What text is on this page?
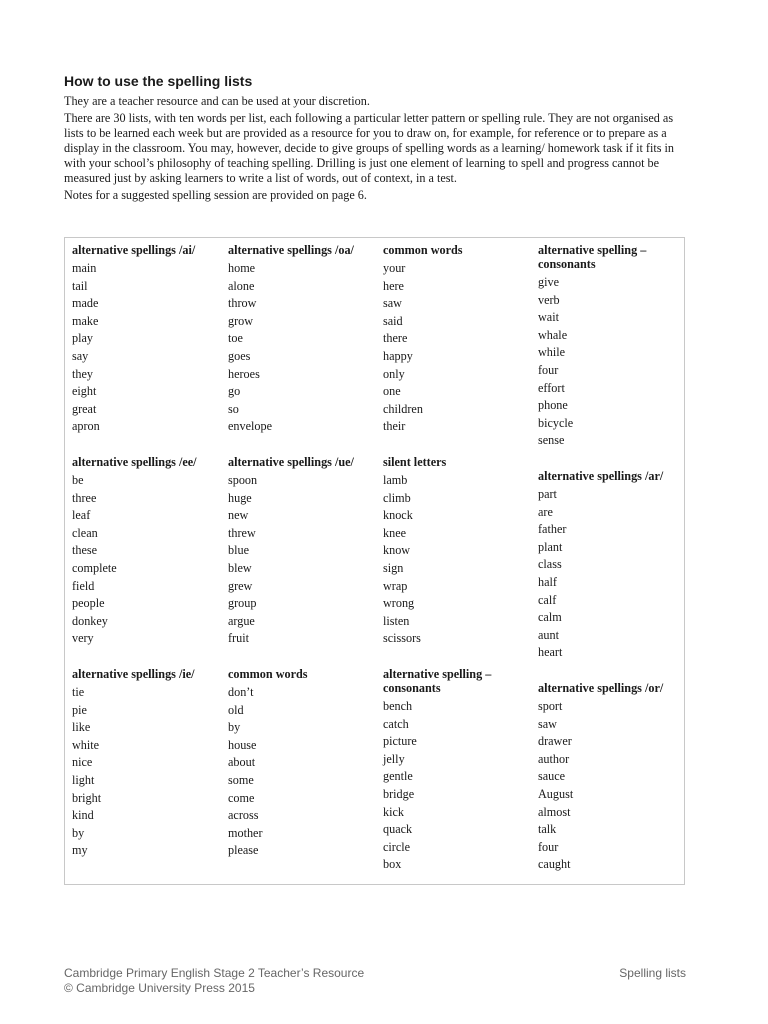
How to use the spelling lists

They are a teacher resource and can be used at your discretion.

There are 30 lists, with ten words per list, each following a particular letter pattern or spelling rule. They are not organised as lists to be learned each week but are provided as a resource for you to draw on, for example, for reference or to prepare as a display in the classroom. You may, however, decide to give groups of spelling words as a learning/ homework task if it fits in with your school’s philosophy of teaching spelling. Drilling is just one element of learning to spell and progress cannot be measured just by asking learners to write a list of words, out of context, in a test.

Notes for a suggested spelling session are provided on page 6.

alternative spellings /ai/
main
tail
made
make
play
say
they
eight
great
apron
alternative spellings /oa/
home
alone
throw
grow
toe
goes
heroes
go
so
envelope
common words
your
here
saw
said
there
happy
only
one
children
their
alternative spelling – consonants
give
verb
wait
whale
while
four
effort
phone
bicycle
sense
alternative spellings /ee/
be
three
leaf
clean
these
complete
field
people
donkey
very
alternative spellings /ue/
spoon
huge
new
threw
blue
blew
grew
group
argue
fruit
silent letters
lamb
climb
knock
knee
know
sign
wrap
wrong
listen
scissors
alternative spellings /ar/
part
are
father
plant
class
half
calf
calm
aunt
heart
alternative spellings /ie/
tie
pie
like
white
nice
light
bright
kind
by
my
common words
don’t
old
by
house
about
some
come
across
mother
please
alternative spelling – consonants
bench
catch
picture
jelly
gentle
bridge
kick
quack
circle
box
alternative spellings /or/
sport
saw
drawer
author
sauce
August
almost
talk
four
caught
Cambridge Primary English Stage 2 Teacher’s Resource
© Cambridge University Press 2015
Spelling lists
